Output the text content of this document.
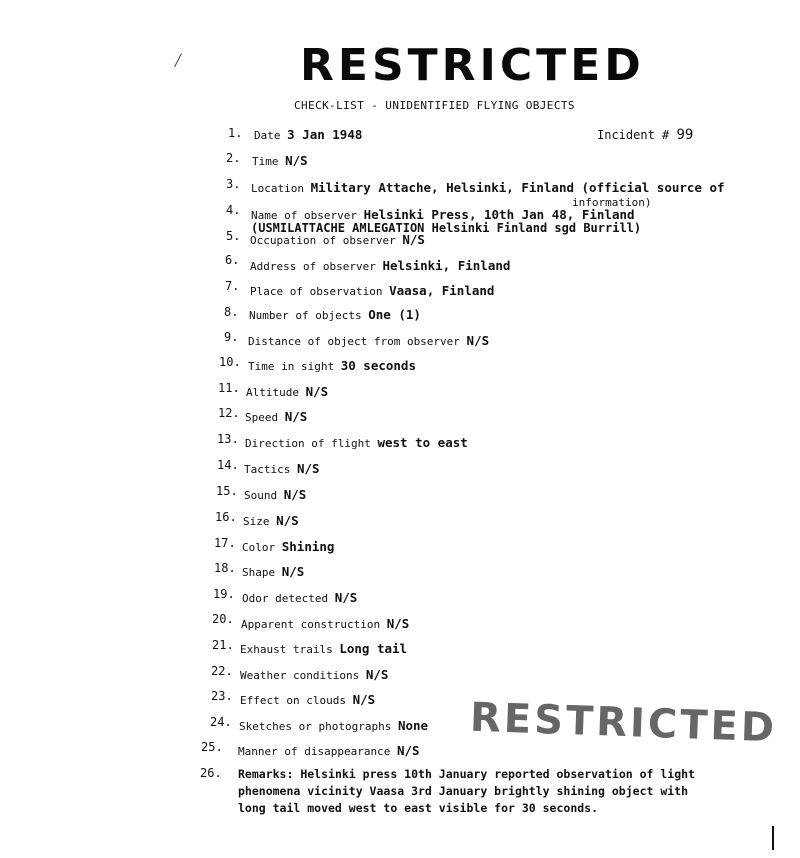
⁄	RESTRICTED
CHECK-LIST - UNIDENTIFIED FLYING OBJECTS
Incident # 99
1. Date 3 Jan 1948
2. Time N/S
3. Location Military Attache, Helsinki, Finland (official source of
information)
4. Name of observer Helsinki Press, 10th Jan 48, Finland
(USMILATTACHE AMLEGATION Helsinki Finland sgd Burrill)
5. Occupation of observer N/S
6. Address of observer Helsinki, Finland
7. Place of observation Vaasa, Finland
8. Number of objects One (1)
9. Distance of object from observer N/S
10. Time in sight 30 seconds
11. Altitude N/S
12. Speed N/S
13. Direction of flight west to east
14. Tactics N/S
15. Sound N/S
16. Size N/S
17. Color Shining
18. Shape N/S
19. Odor detected N/S
20. Apparent construction N/S
21. Exhaust trails Long tail
22. Weather conditions N/S
23. Effect on clouds N/S
24. Sketches or photographs None
25. Manner of disappearance N/S
26. Remarks: Helsinki press 10th January reported observation of light
phenomena vicinity Vaasa 3rd January brightly shining object with
long tail moved west to east visible for 30 seconds.
RESTRICTED
